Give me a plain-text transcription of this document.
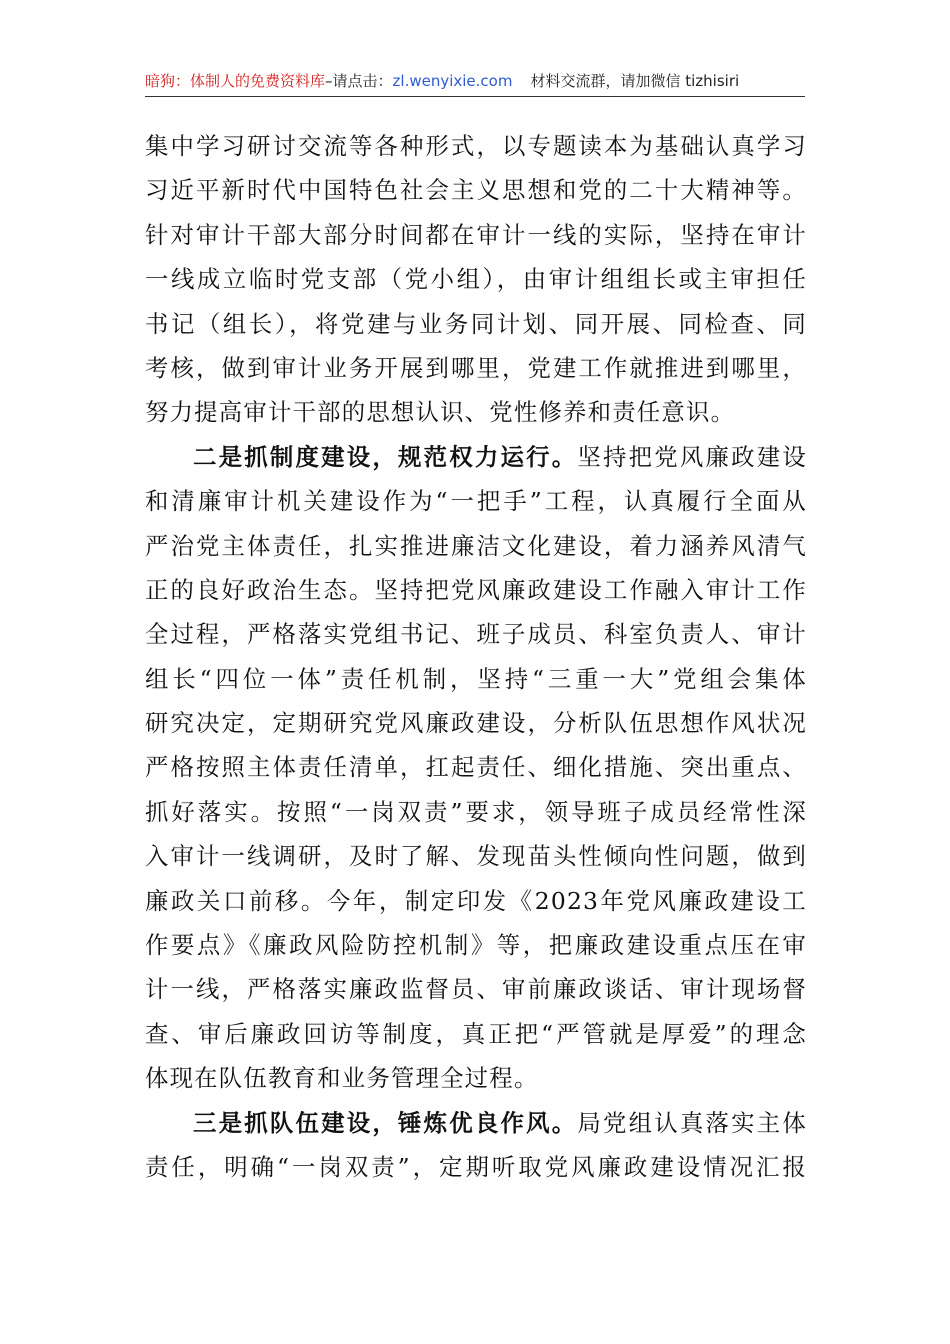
暗狗：体制人的免费资料库–请点击：zl.wenyixie.com 材料交流群，请加微信 tizhisiri
集中学习研讨交流等各种形式，以专题读本为基础认真学习
习近平新时代中国特色社会主义思想和党的二十大精神等。
针对审计干部大部分时间都在审计一线的实际，坚持在审计
一线成立临时党支部（党小组），由审计组组长或主审担任
书记（组长），将党建与业务同计划、同开展、同检查、同
考核，做到审计业务开展到哪里，党建工作就推进到哪里，
努力提高审计干部的思想认识、党性修养和责任意识。
二是抓制度建设，规范权力运行。坚持把党风廉政建设
和清廉审计机关建设作为“一把手”工程，认真履行全面从
严治党主体责任，扎实推进廉洁文化建设，着力涵养风清气
正的良好政治生态。坚持把党风廉政建设工作融入审计工作
全过程，严格落实党组书记、班子成员、科室负责人、审计
组长“四位一体”责任机制，坚持“三重一大”党组会集体
研究决定，定期研究党风廉政建设，分析队伍思想作风状况
严格按照主体责任清单，扛起责任、细化措施、突出重点、
抓好落实。按照“一岗双责”要求，领导班子成员经常性深
入审计一线调研，及时了解、发现苗头性倾向性问题，做到
廉政关口前移。今年，制定印发《2023年党风廉政建设工
作要点》《廉政风险防控机制》等，把廉政建设重点压在审
计一线，严格落实廉政监督员、审前廉政谈话、审计现场督
查、审后廉政回访等制度，真正把“严管就是厚爱”的理念
体现在队伍教育和业务管理全过程。
三是抓队伍建设，锤炼优良作风。局党组认真落实主体
责任，明确“一岗双责”，定期听取党风廉政建设情况汇报
